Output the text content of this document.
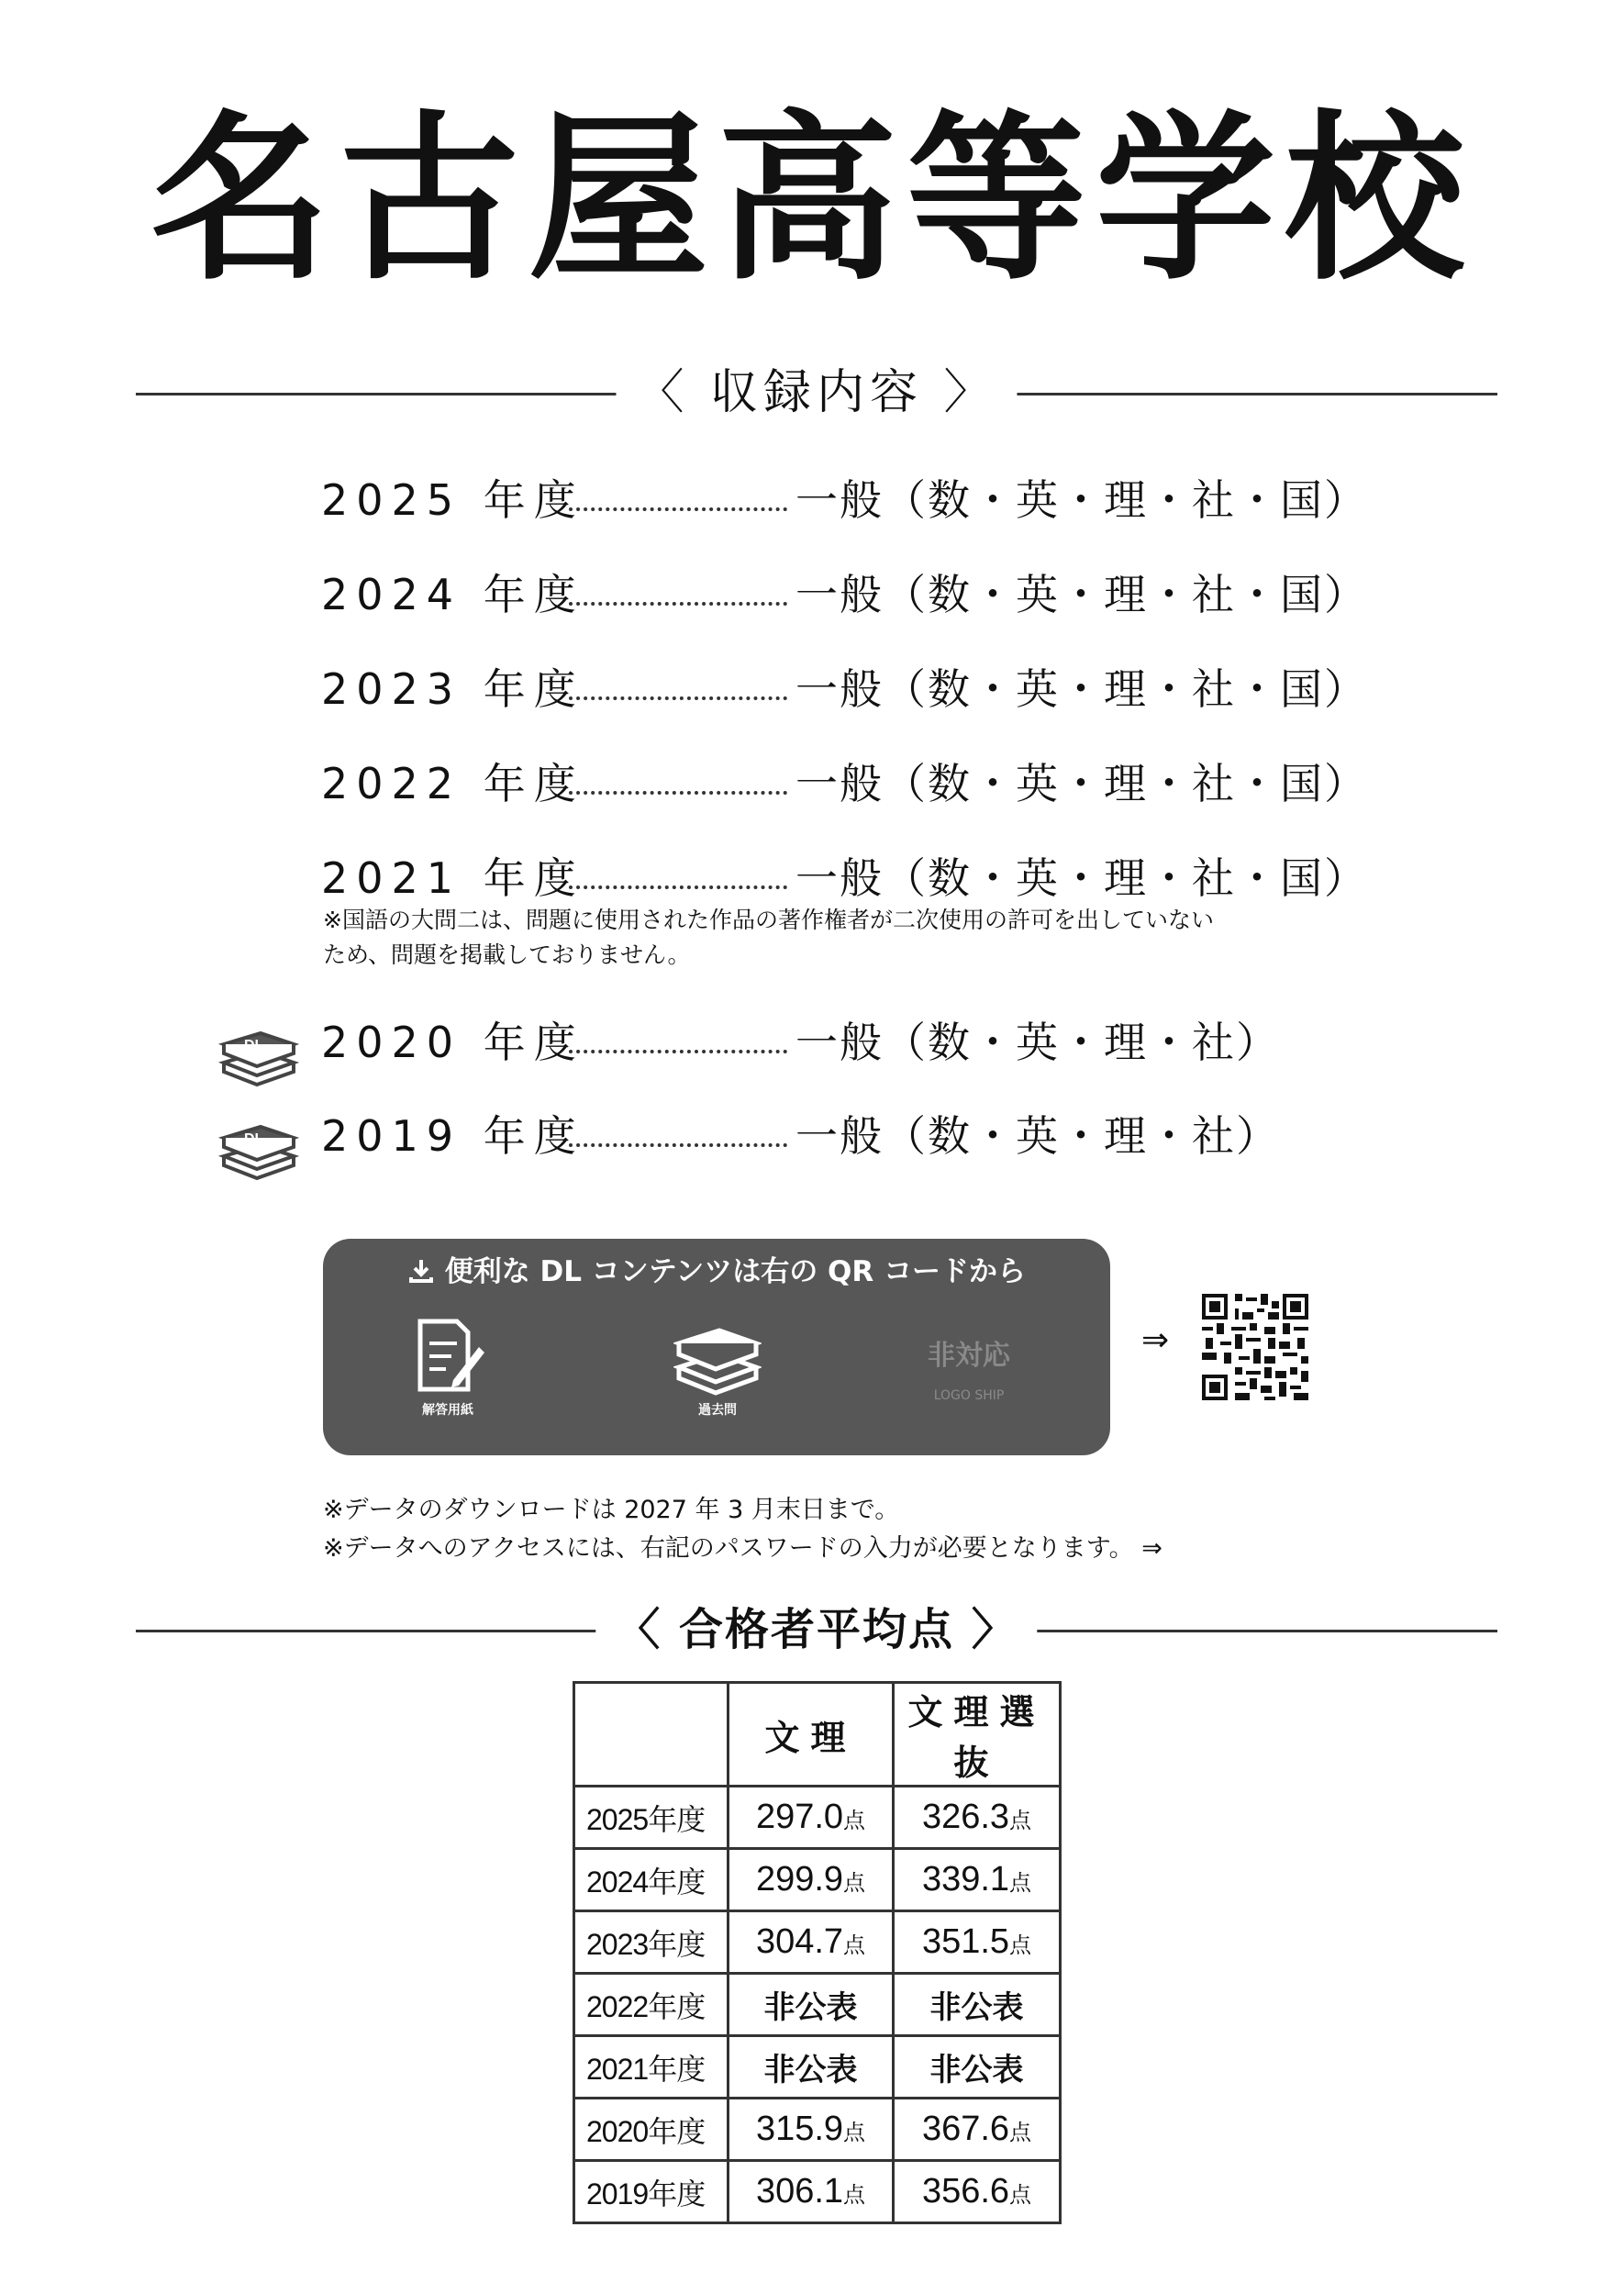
名古屋高等学校
〈 収録内容 〉
2025 年度	一般（数・英・理・社・国）
2024 年度	一般（数・英・理・社・国）
2023 年度	一般（数・英・理・社・国）
2022 年度	一般（数・英・理・社・国）
2021 年度	一般（数・英・理・社・国）
※国語の大問二は、問題に使用された作品の著作権者が二次使用の許可を出していない
ため、問題を掲載しておりません。
DL 2020 年度	一般（数・英・理・社）
DL 2019 年度	一般（数・英・理・社）
便利な DL コンテンツは右の QR コードから
解答用紙	過去問
非対応
LOGO SHIP
⇒
※データのダウンロードは 2027 年 3 月末日まで。
※データへのアクセスには、右記のパスワードの入力が必要となります。 ⇒
〈 合格者平均点 〉
	文理	文理選抜
2025年度	297.0点	326.3点
2024年度	299.9点	339.1点
2023年度	304.7点	351.5点
2022年度	非公表	非公表
2021年度	非公表	非公表
2020年度	315.9点	367.6点
2019年度	306.1点	356.6点
